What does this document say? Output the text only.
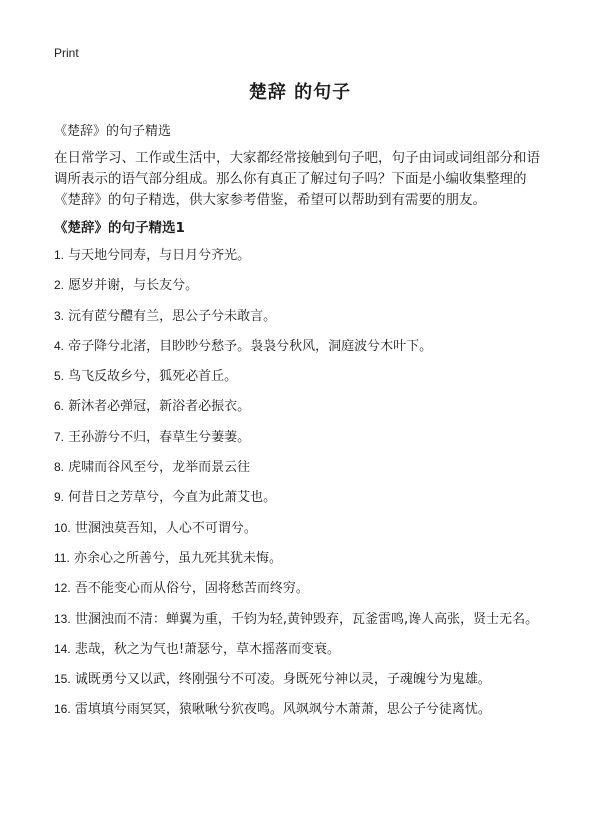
Print
楚辞 的句子
《楚辞》的句子精选
在日常学习、工作或生活中，大家都经常接触到句子吧，句子由词或词组部分和语调所表示的语气部分组成。那么你有真正了解过句子吗？下面是小编收集整理的《楚辞》的句子精选，供大家参考借鉴，希望可以帮助到有需要的朋友。
《楚辞》的句子精选1
1. 与天地兮同寿，与日月兮齐光。
2. 愿岁并谢，与长友兮。
3. 沅有茝兮醴有兰，思公子兮未敢言。
4. 帝子降兮北渚，目眇眇兮愁予。袅袅兮秋风，洞庭波兮木叶下。
5. 鸟飞反故乡兮，狐死必首丘。
6. 新沐者必弹冠，新浴者必振衣。
7. 王孙游兮不归，春草生兮萋萋。
8. 虎啸而谷风至兮，龙举而景云往
9. 何昔日之芳草兮，今直为此萧艾也。
10. 世溷浊莫吾知，人心不可谓兮。
11. 亦余心之所善兮，虽九死其犹未悔。
12. 吾不能变心而从俗兮，固将愁苦而终穷。
13. 世溷浊而不清：蝉翼为重，千钧为轻,黄钟毁弃，瓦釜雷鸣,谗人高张，贤士无名。
14. 悲哉，秋之为气也!萧瑟兮，草木摇落而变衰。
15. 诚既勇兮又以武，终刚强兮不可凌。身既死兮神以灵，子魂魄兮为鬼雄。
16. 雷填填兮雨冥冥，猿啾啾兮狖夜鸣。风飒飒兮木萧萧，思公子兮徒离忧。
